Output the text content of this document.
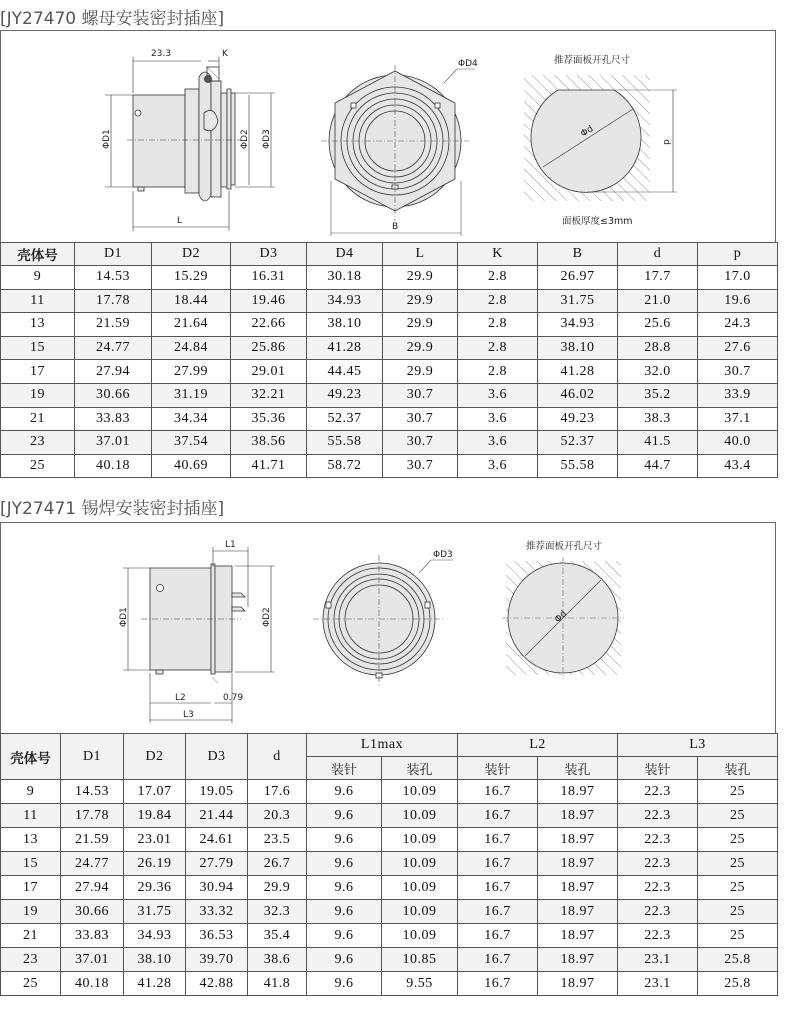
[JY27470 螺母安装密封插座]
23.3	K
ΦD1	ΦD2 ΦD3
L
ΦD4
B
推荐面板开孔尺寸
Φd
p
面板厚度≤3mm
壳体号	D1	D2	D3	D4	L	K	B	d	p
9	14.53	15.29	16.31	30.18	29.9	2.8	26.97	17.7	17.0
11	17.78	18.44	19.46	34.93	29.9	2.8	31.75	21.0	19.6
13	21.59	21.64	22.66	38.10	29.9	2.8	34.93	25.6	24.3
15	24.77	24.84	25.86	41.28	29.9	2.8	38.10	28.8	27.6
17	27.94	27.99	29.01	44.45	29.9	2.8	41.28	32.0	30.7
19	30.66	31.19	32.21	49.23	30.7	3.6	46.02	35.2	33.9
21	33.83	34.34	35.36	52.37	30.7	3.6	49.23	38.3	37.1
23	37.01	37.54	38.56	55.58	30.7	3.6	52.37	41.5	40.0
25	40.18	40.69	41.71	58.72	30.7	3.6	55.58	44.7	43.4
[JY27471 锡焊安装密封插座]
L1
ΦD1	ΦD2
L2	0.79
L3
ΦD3
推荐面板开孔尺寸
Φd
壳体号	D1	D2	D3	d	L1max		L2		L3	
					装针	装孔	装针	装孔	装针	装孔
9	14.53	17.07	19.05	17.6	9.6	10.09	16.7	18.97	22.3	25
11	17.78	19.84	21.44	20.3	9.6	10.09	16.7	18.97	22.3	25
13	21.59	23.01	24.61	23.5	9.6	10.09	16.7	18.97	22.3	25
15	24.77	26.19	27.79	26.7	9.6	10.09	16.7	18.97	22.3	25
17	27.94	29.36	30.94	29.9	9.6	10.09	16.7	18.97	22.3	25
19	30.66	31.75	33.32	32.3	9.6	10.09	16.7	18.97	22.3	25
21	33.83	34.93	36.53	35.4	9.6	10.09	16.7	18.97	22.3	25
23	37.01	38.10	39.70	38.6	9.6	10.85	16.7	18.97	23.1	25.8
25	40.18	41.28	42.88	41.8	9.6	9.55	16.7	18.97	23.1	25.8
